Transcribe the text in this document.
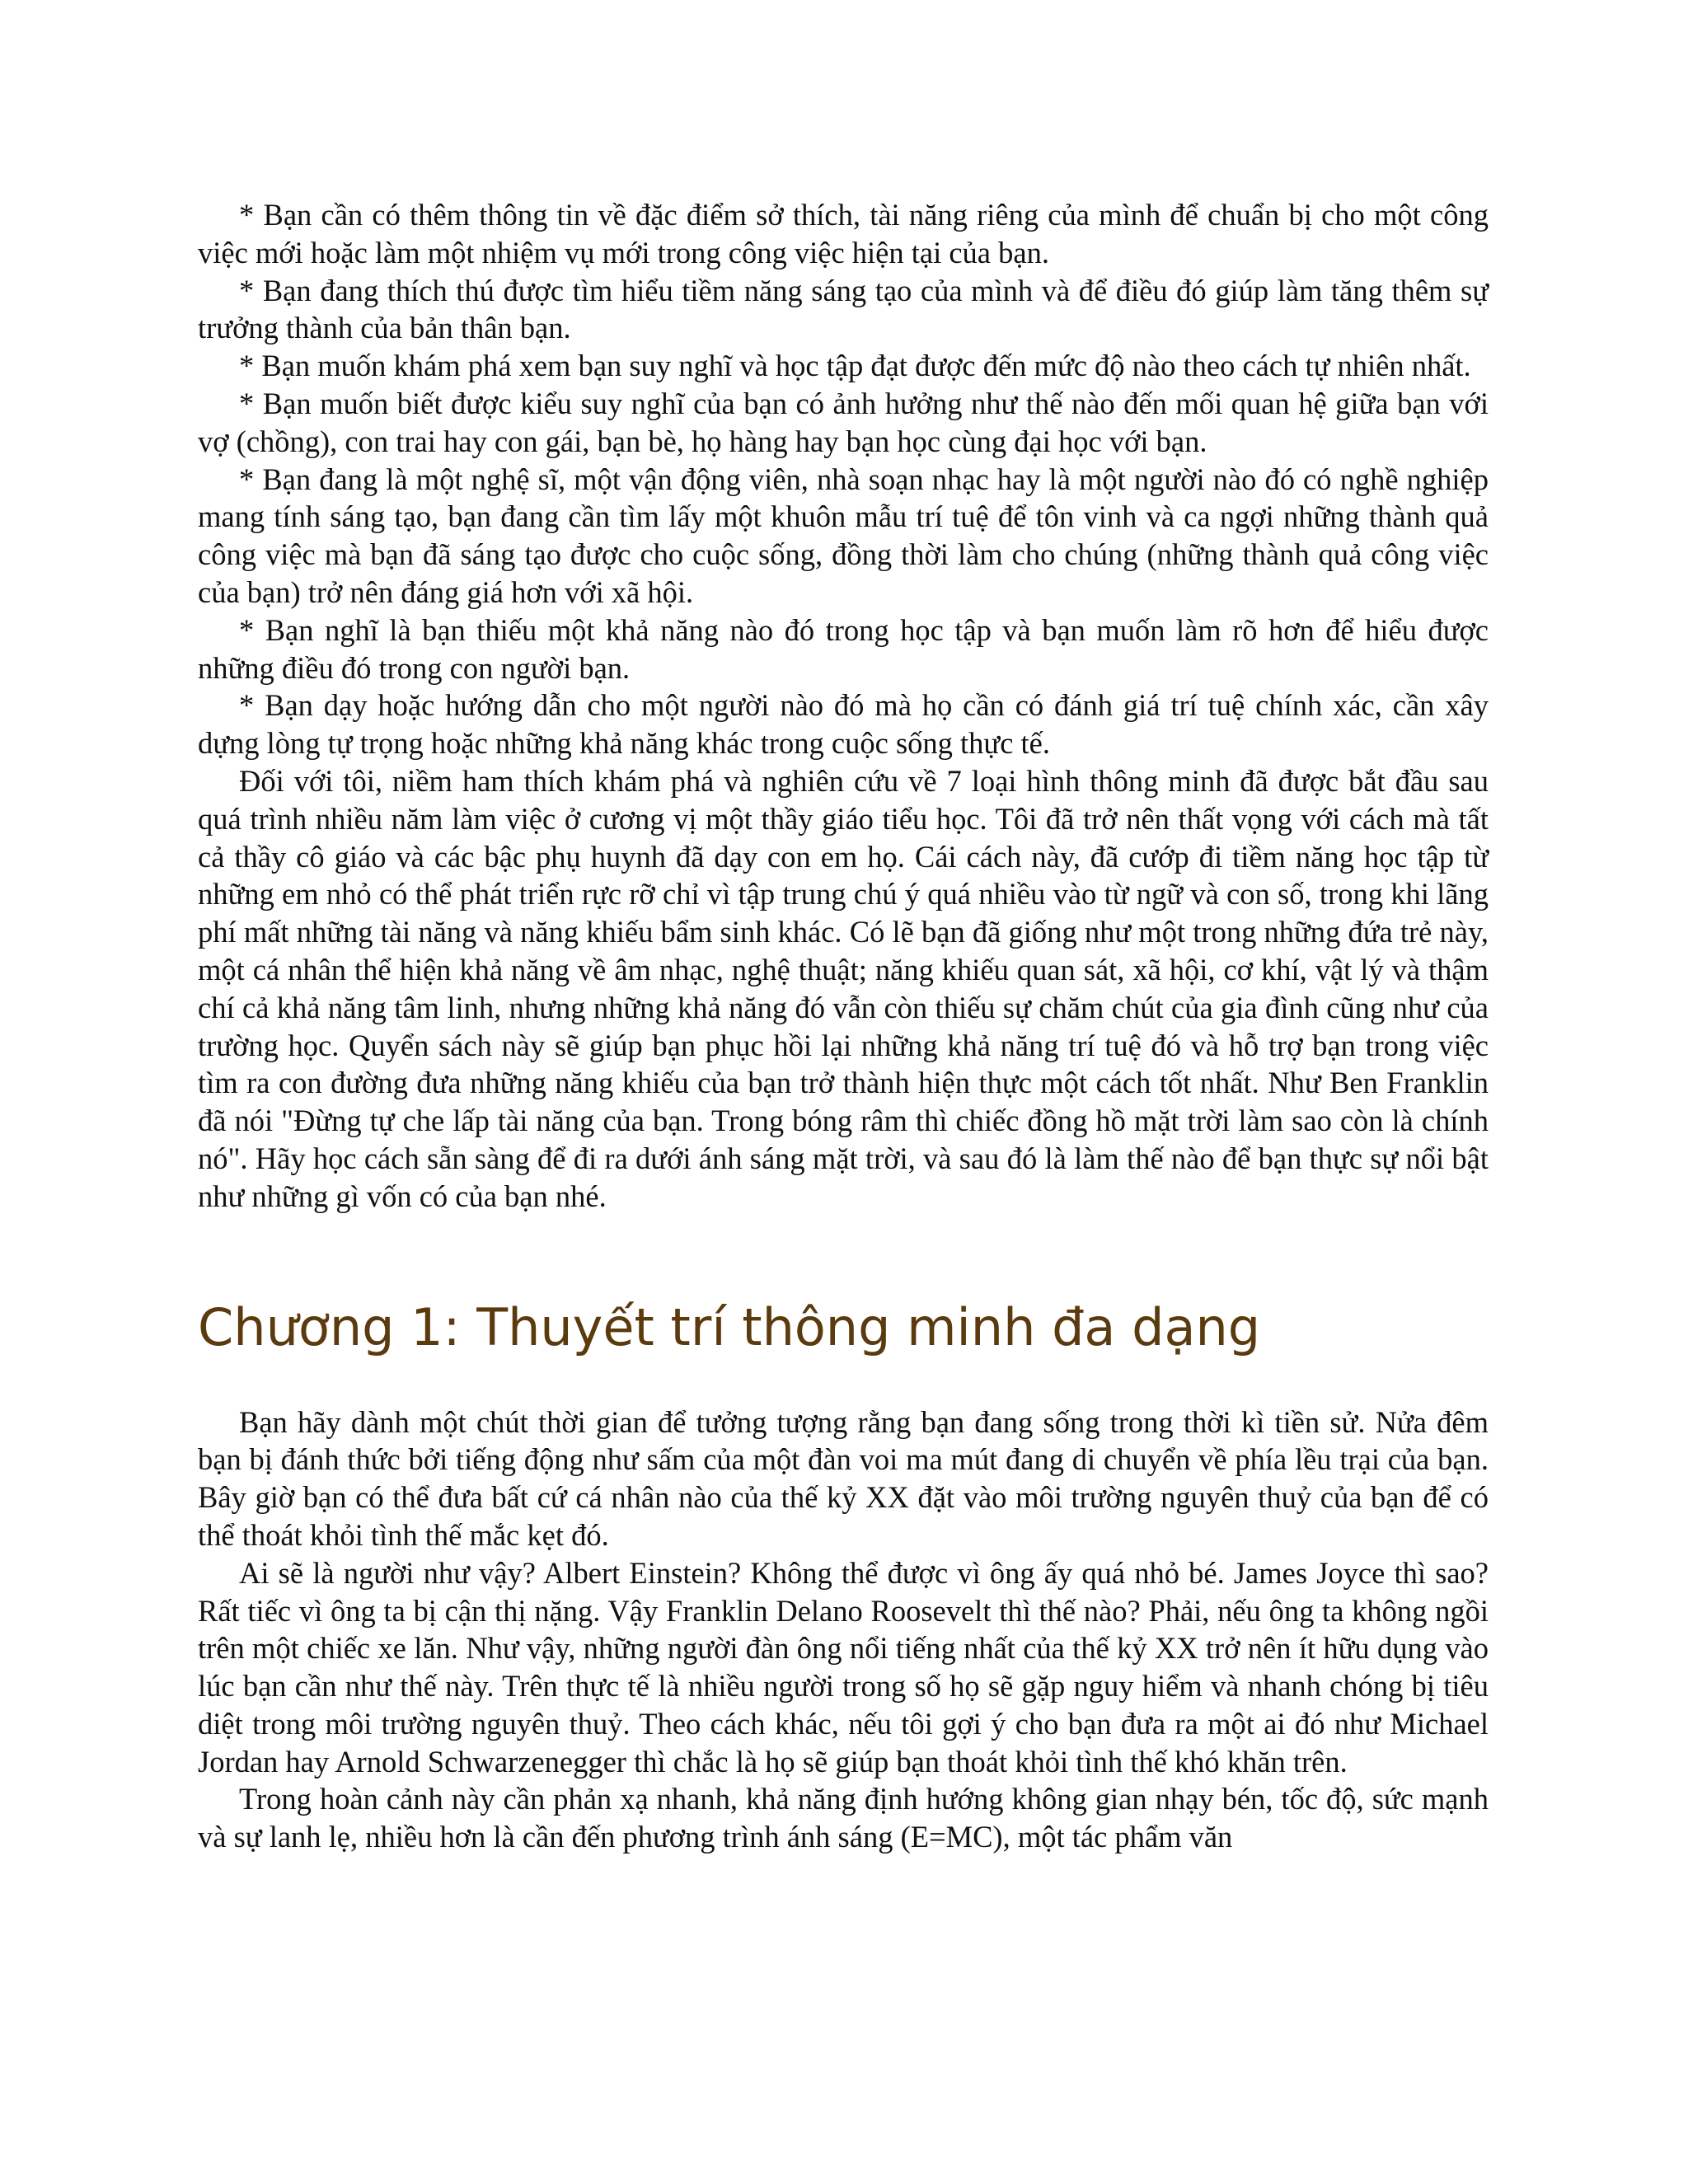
* Bạn cần có thêm thông tin về đặc điểm sở thích, tài năng riêng của mình để chuẩn bị cho một công việc mới hoặc làm một nhiệm vụ mới trong công việc hiện tại của bạn.

* Bạn đang thích thú được tìm hiểu tiềm năng sáng tạo của mình và để điều đó giúp làm tăng thêm sự trưởng thành của bản thân bạn.

* Bạn muốn khám phá xem bạn suy nghĩ và học tập đạt được đến mức độ nào theo cách tự nhiên nhất.

* Bạn muốn biết được kiểu suy nghĩ của bạn có ảnh hưởng như thế nào đến mối quan hệ giữa bạn với vợ (chồng), con trai hay con gái, bạn bè, họ hàng hay bạn học cùng đại học với bạn.

* Bạn đang là một nghệ sĩ, một vận động viên, nhà soạn nhạc hay là một người nào đó có nghề nghiệp mang tính sáng tạo, bạn đang cần tìm lấy một khuôn mẫu trí tuệ để tôn vinh và ca ngợi những thành quả công việc mà bạn đã sáng tạo được cho cuộc sống, đồng thời làm cho chúng (những thành quả công việc của bạn) trở nên đáng giá hơn với xã hội.

* Bạn nghĩ là bạn thiếu một khả năng nào đó trong học tập và bạn muốn làm rõ hơn để hiểu được những điều đó trong con người bạn.

* Bạn dạy hoặc hướng dẫn cho một người nào đó mà họ cần có đánh giá trí tuệ chính xác, cần xây dựng lòng tự trọng hoặc những khả năng khác trong cuộc sống thực tế.

Đối với tôi, niềm ham thích khám phá và nghiên cứu về 7 loại hình thông minh đã được bắt đầu sau quá trình nhiều năm làm việc ở cương vị một thầy giáo tiểu học. Tôi đã trở nên thất vọng với cách mà tất cả thầy cô giáo và các bậc phụ huynh đã dạy con em họ. Cái cách này, đã cướp đi tiềm năng học tập từ những em nhỏ có thể phát triển rực rỡ chỉ vì tập trung chú ý quá nhiều vào từ ngữ và con số, trong khi lãng phí mất những tài năng và năng khiếu bẩm sinh khác. Có lẽ bạn đã giống như một trong những đứa trẻ này, một cá nhân thể hiện khả năng về âm nhạc, nghệ thuật; năng khiếu quan sát, xã hội, cơ khí, vật lý và thậm chí cả khả năng tâm linh, nhưng những khả năng đó vẫn còn thiếu sự chăm chút của gia đình cũng như của trường học. Quyển sách này sẽ giúp bạn phục hồi lại những khả năng trí tuệ đó và hỗ trợ bạn trong việc tìm ra con đường đưa những năng khiếu của bạn trở thành hiện thực một cách tốt nhất. Như Ben Franklin đã nói "Đừng tự che lấp tài năng của bạn. Trong bóng râm thì chiếc đồng hồ mặt trời làm sao còn là chính nó". Hãy học cách sẵn sàng để đi ra dưới ánh sáng mặt trời, và sau đó là làm thế nào để bạn thực sự nổi bật như những gì vốn có của bạn nhé.

Chương 1: Thuyết trí thông minh đa dạng

Bạn hãy dành một chút thời gian để tưởng tượng rằng bạn đang sống trong thời kì tiền sử. Nửa đêm bạn bị đánh thức bởi tiếng động như sấm của một đàn voi ma mút đang di chuyển về phía lều trại của bạn. Bây giờ bạn có thể đưa bất cứ cá nhân nào của thế kỷ XX đặt vào môi trường nguyên thuỷ của bạn để có thể thoát khỏi tình thế mắc kẹt đó.

Ai sẽ là người như vậy? Albert Einstein? Không thể được vì ông ấy quá nhỏ bé. James Joyce thì sao? Rất tiếc vì ông ta bị cận thị nặng. Vậy Franklin Delano Roosevelt thì thế nào? Phải, nếu ông ta không ngồi trên một chiếc xe lăn. Như vậy, những người đàn ông nổi tiếng nhất của thế kỷ XX trở nên ít hữu dụng vào lúc bạn cần như thế này. Trên thực tế là nhiều người trong số họ sẽ gặp nguy hiểm và nhanh chóng bị tiêu diệt trong môi trường nguyên thuỷ. Theo cách khác, nếu tôi gợi ý cho bạn đưa ra một ai đó như Michael Jordan hay Arnold Schwarzenegger thì chắc là họ sẽ giúp bạn thoát khỏi tình thế khó khăn trên.

Trong hoàn cảnh này cần phản xạ nhanh, khả năng định hướng không gian nhạy bén, tốc độ, sức mạnh và sự lanh lẹ, nhiều hơn là cần đến phương trình ánh sáng (E=MC), một tác phẩm văn
